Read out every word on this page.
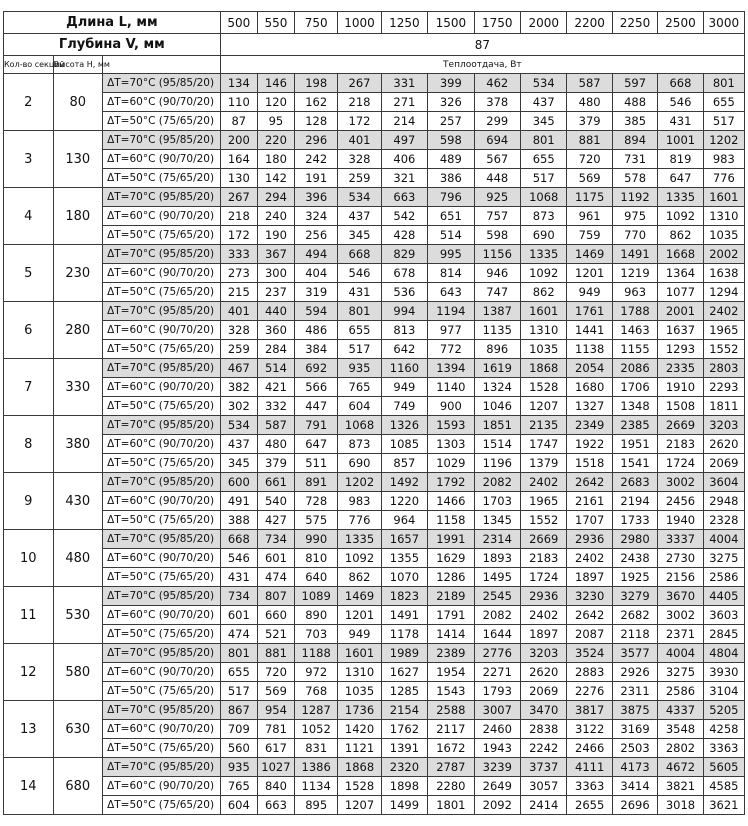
Длина L, мм			500	550	750	1000	1250	1500	1750	2000	2200	2250	2500	3000
Глубина V, мм			87											
Кол-во секций	Высота H, мм		Теплоотдача, Вт											
2	80	ΔT=70°C (95/85/20)	134	146	198	267	331	399	462	534	587	597	668	801
		ΔT=60°C (90/70/20)	110	120	162	218	271	326	378	437	480	488	546	655
		ΔT=50°C (75/65/20)	87	95	128	172	214	257	299	345	379	385	431	517
3	130	ΔT=70°C (95/85/20)	200	220	296	401	497	598	694	801	881	894	1001	1202
		ΔT=60°C (90/70/20)	164	180	242	328	406	489	567	655	720	731	819	983
		ΔT=50°C (75/65/20)	130	142	191	259	321	386	448	517	569	578	647	776
4	180	ΔT=70°C (95/85/20)	267	294	396	534	663	796	925	1068	1175	1192	1335	1601
		ΔT=60°C (90/70/20)	218	240	324	437	542	651	757	873	961	975	1092	1310
		ΔT=50°C (75/65/20)	172	190	256	345	428	514	598	690	759	770	862	1035
5	230	ΔT=70°C (95/85/20)	333	367	494	668	829	995	1156	1335	1469	1491	1668	2002
		ΔT=60°C (90/70/20)	273	300	404	546	678	814	946	1092	1201	1219	1364	1638
		ΔT=50°C (75/65/20)	215	237	319	431	536	643	747	862	949	963	1077	1294
6	280	ΔT=70°C (95/85/20)	401	440	594	801	994	1194	1387	1601	1761	1788	2001	2402
		ΔT=60°C (90/70/20)	328	360	486	655	813	977	1135	1310	1441	1463	1637	1965
		ΔT=50°C (75/65/20)	259	284	384	517	642	772	896	1035	1138	1155	1293	1552
7	330	ΔT=70°C (95/85/20)	467	514	692	935	1160	1394	1619	1868	2054	2086	2335	2803
		ΔT=60°C (90/70/20)	382	421	566	765	949	1140	1324	1528	1680	1706	1910	2293
		ΔT=50°C (75/65/20)	302	332	447	604	749	900	1046	1207	1327	1348	1508	1811
8	380	ΔT=70°C (95/85/20)	534	587	791	1068	1326	1593	1851	2135	2349	2385	2669	3203
		ΔT=60°C (90/70/20)	437	480	647	873	1085	1303	1514	1747	1922	1951	2183	2620
		ΔT=50°C (75/65/20)	345	379	511	690	857	1029	1196	1379	1518	1541	1724	2069
9	430	ΔT=70°C (95/85/20)	600	661	891	1202	1492	1792	2082	2402	2642	2683	3002	3604
		ΔT=60°C (90/70/20)	491	540	728	983	1220	1466	1703	1965	2161	2194	2456	2948
		ΔT=50°C (75/65/20)	388	427	575	776	964	1158	1345	1552	1707	1733	1940	2328
10	480	ΔT=70°C (95/85/20)	668	734	990	1335	1657	1991	2314	2669	2936	2980	3337	4004
		ΔT=60°C (90/70/20)	546	601	810	1092	1355	1629	1893	2183	2402	2438	2730	3275
		ΔT=50°C (75/65/20)	431	474	640	862	1070	1286	1495	1724	1897	1925	2156	2586
11	530	ΔT=70°C (95/85/20)	734	807	1089	1469	1823	2189	2545	2936	3230	3279	3670	4405
		ΔT=60°C (90/70/20)	601	660	890	1201	1491	1791	2082	2402	2642	2682	3002	3603
		ΔT=50°C (75/65/20)	474	521	703	949	1178	1414	1644	1897	2087	2118	2371	2845
12	580	ΔT=70°C (95/85/20)	801	881	1188	1601	1989	2389	2776	3203	3524	3577	4004	4804
		ΔT=60°C (90/70/20)	655	720	972	1310	1627	1954	2271	2620	2883	2926	3275	3930
		ΔT=50°C (75/65/20)	517	569	768	1035	1285	1543	1793	2069	2276	2311	2586	3104
13	630	ΔT=70°C (95/85/20)	867	954	1287	1736	2154	2588	3007	3470	3817	3875	4337	5205
		ΔT=60°C (90/70/20)	709	781	1052	1420	1762	2117	2460	2838	3122	3169	3548	4258
		ΔT=50°C (75/65/20)	560	617	831	1121	1391	1672	1943	2242	2466	2503	2802	3363
14	680	ΔT=70°C (95/85/20)	935	1027	1386	1868	2320	2787	3239	3737	4111	4173	4672	5605
		ΔT=60°C (90/70/20)	765	840	1134	1528	1898	2280	2649	3057	3363	3414	3821	4585
		ΔT=50°C (75/65/20)	604	663	895	1207	1499	1801	2092	2414	2655	2696	3018	3621
